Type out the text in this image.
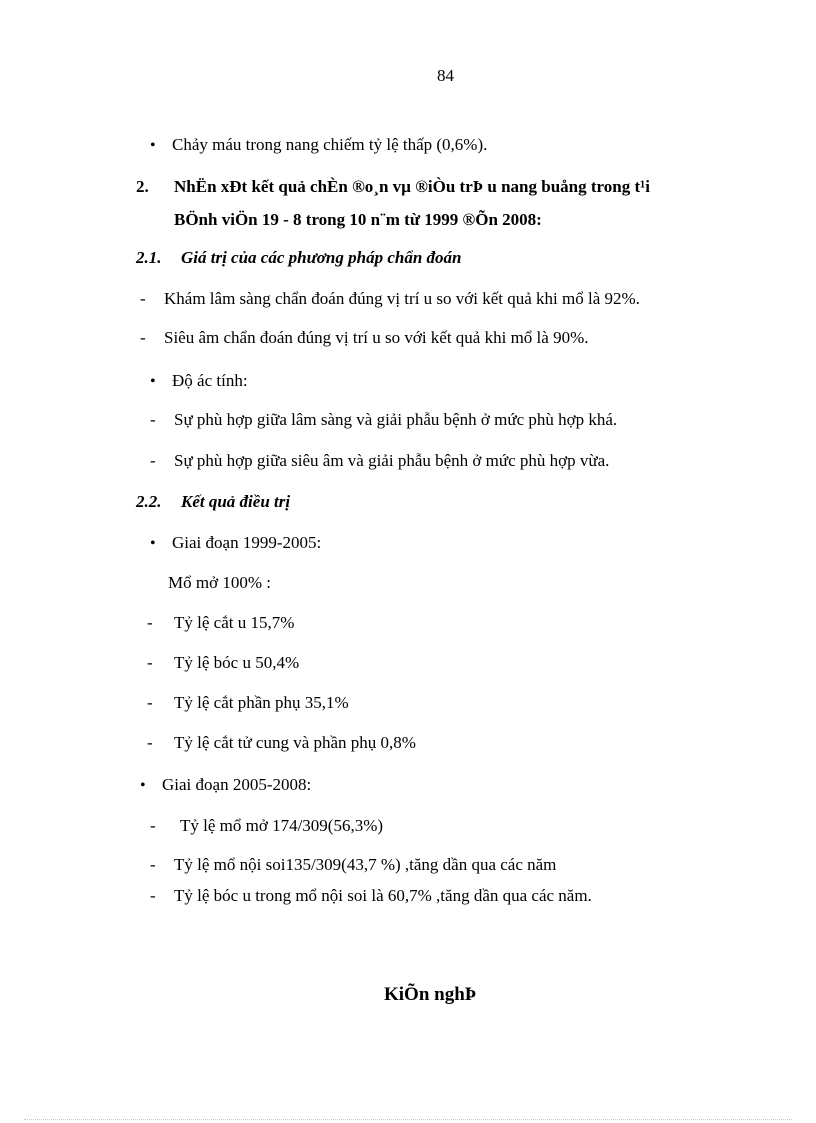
84
• Chảy máu trong nang chiếm tỷ lệ thấp (0,6%).
2. NhËn xÐt kết quả chÈn ®o¸n vµ ®iÒu trÞ u nang buång trong t¹i
BÖnh viÖn 19 - 8 trong 10 n¨m từ 1999 ®Õn 2008:
2.1. Giá trị của các phương pháp chẩn đoán
- Khám lâm sàng chẩn đoán đúng vị trí u so với kết quả khi mổ là 92%.
- Siêu âm chẩn đoán đúng vị trí u so với kết quả khi mổ là 90%.
• Độ ác tính:
- Sự phù hợp giữa lâm sàng và giải phẫu bệnh ở mức phù hợp khá.
- Sự phù hợp giữa siêu âm và giải phẫu bệnh ở mức phù hợp vừa.
2.2. Kết quả điều trị
• Giai đoạn 1999-2005:
Mổ mở 100% :
- Tỷ lệ cắt u 15,7%
- Tỷ lệ bóc u 50,4%
- Tỷ lệ cắt phần phụ 35,1%
- Tỷ lệ cắt tử cung và phần phụ 0,8%
• Giai đoạn 2005-2008:
- Tỷ lệ mổ mở 174/309(56,3%)
- Tỷ lệ mổ nội soi135/309(43,7 %) ,tăng dần qua các năm
- Tỷ lệ bóc u trong mổ nội soi là 60,7% ,tăng dần qua các năm.
KiÕn nghÞ
